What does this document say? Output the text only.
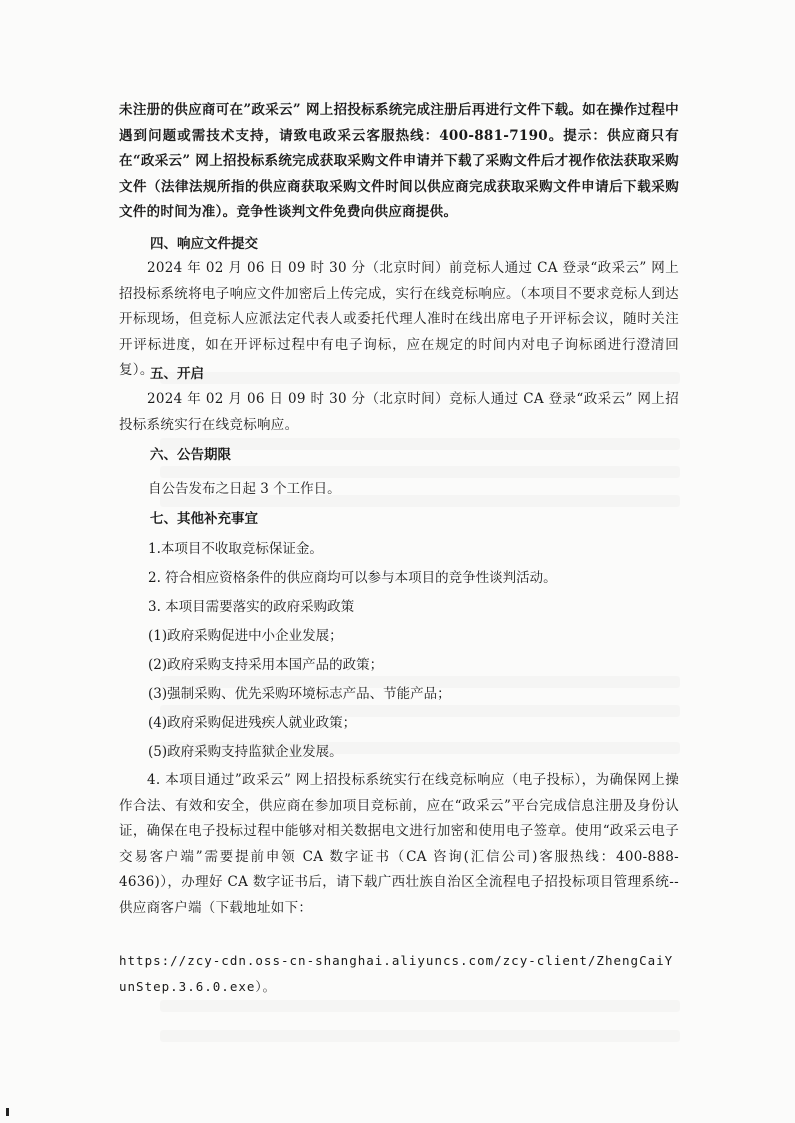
未注册的供应商可在”政采云” 网上招投标系统完成注册后再进行文件下载。如在操作过程中遇到问题或需技术支持，请致电政采云客服热线：400-881-7190。提示：供应商只有在“政采云” 网上招投标系统完成获取采购文件申请并下载了采购文件后才视作依法获取采购文件（法律法规所指的供应商获取采购文件时间以供应商完成获取采购文件申请后下载采购文件的时间为准）。竞争性谈判文件免费向供应商提供。

四、响应文件提交

2024 年 02 月 06 日 09 时 30 分（北京时间）前竞标人通过 CA 登录“政采云” 网上招投标系统将电子响应文件加密后上传完成，实行在线竞标响应。（本项目不要求竞标人到达开标现场，但竞标人应派法定代表人或委托代理人准时在线出席电子开评标会议，随时关注开评标进度，如在开评标过程中有电子询标，应在规定的时间内对电子询标函进行澄清回复）。

五、开启

2024 年 02 月 06 日 09 时 30 分（北京时间）竞标人通过 CA 登录“政采云” 网上招投标系统实行在线竞标响应。

六、公告期限

自公告发布之日起 3 个工作日。

七、其他补充事宜

1.本项目不收取竞标保证金。

2. 符合相应资格条件的供应商均可以参与本项目的竞争性谈判活动。

3. 本项目需要落实的政府采购政策

(1)政府采购促进中小企业发展；

(2)政府采购支持采用本国产品的政策；

(3)强制采购、优先采购环境标志产品、节能产品；

(4)政府采购促进残疾人就业政策；

(5)政府采购支持监狱企业发展。

4. 本项目通过”政采云” 网上招投标系统实行在线竞标响应（电子投标），为确保网上操作合法、有效和安全，供应商在参加项目竞标前，应在“政采云”平台完成信息注册及身份认证，确保在电子投标过程中能够对相关数据电文进行加密和使用电子签章。使用“政采云电子交易客户端”需要提前申领 CA 数字证书（CA 咨询(汇信公司)客服热线：400-888-4636)），办理好 CA 数字证书后，请下载广西壮族自治区全流程电子招投标项目管理系统--供应商客户端（下载地址如下：

https://zcy-cdn.oss-cn-shanghai.aliyuncs.com/zcy-client/ZhengCaiYunStep.3.6.0.exe）。
